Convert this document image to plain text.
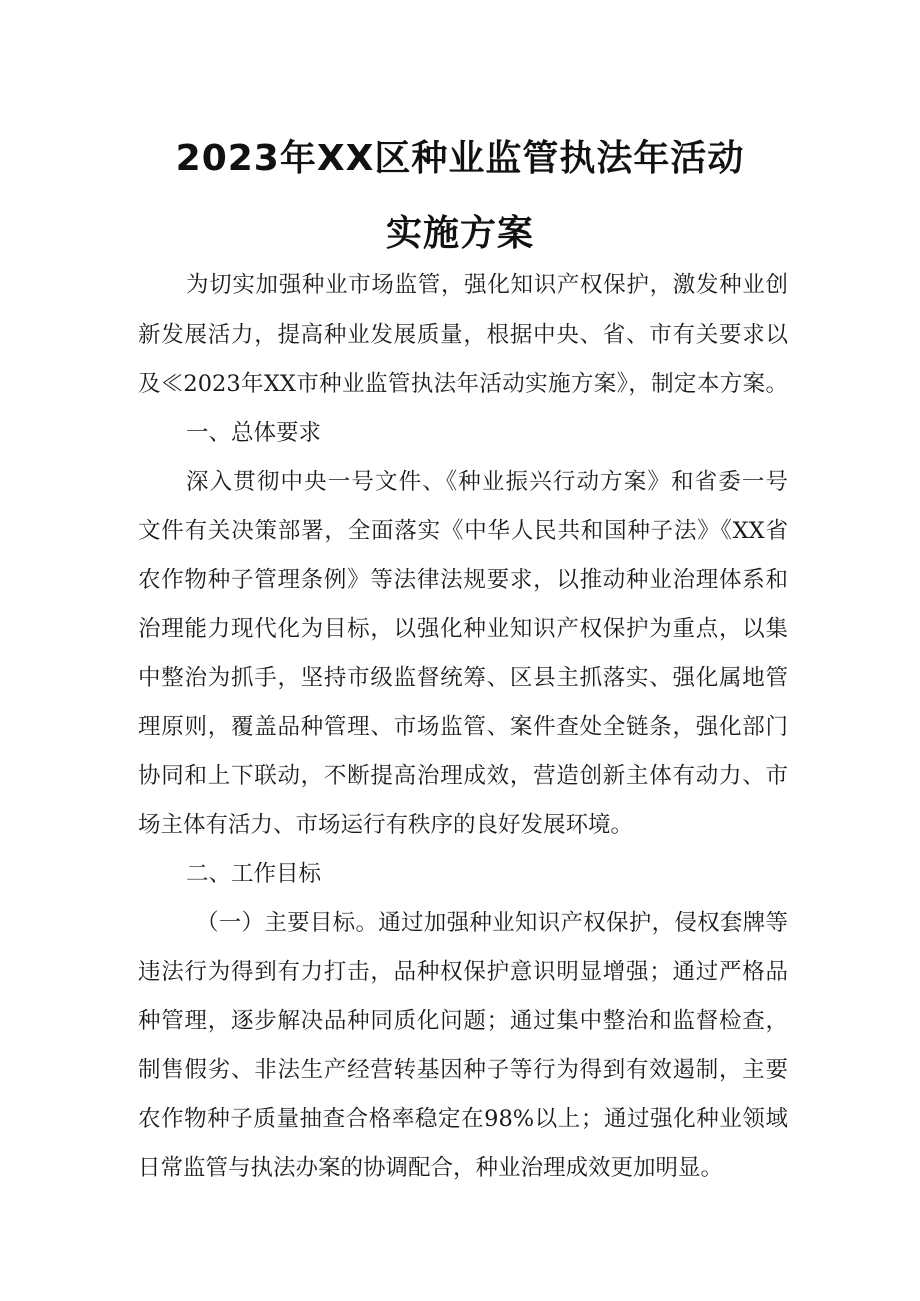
2023年XX区种业监管执法年活动
实施方案
为切实加强种业市场监管，强化知识产权保护，激发种业创
新发展活力，提高种业发展质量，根据中央、省、市有关要求以
及≪2023年XX市种业监管执法年活动实施方案》，制定本方案。
一、总体要求
深入贯彻中央一号文件、《种业振兴行动方案》和省委一号
文件有关决策部署，全面落实《中华人民共和国种子法》《XX省
农作物种子管理条例》等法律法规要求，以推动种业治理体系和
治理能力现代化为目标，以强化种业知识产权保护为重点，以集
中整治为抓手，坚持市级监督统筹、区县主抓落实、强化属地管
理原则，覆盖品种管理、市场监管、案件查处全链条，强化部门
协同和上下联动，不断提高治理成效，营造创新主体有动力、市
场主体有活力、市场运行有秩序的良好发展环境。
二、工作目标
（一）主要目标。通过加强种业知识产权保护，侵权套牌等
违法行为得到有力打击，品种权保护意识明显增强；通过严格品
种管理，逐步解决品种同质化问题；通过集中整治和监督检查，
制售假劣、非法生产经营转基因种子等行为得到有效遏制，主要
农作物种子质量抽查合格率稳定在98%以上；通过强化种业领域
日常监管与执法办案的协调配合，种业治理成效更加明显。
